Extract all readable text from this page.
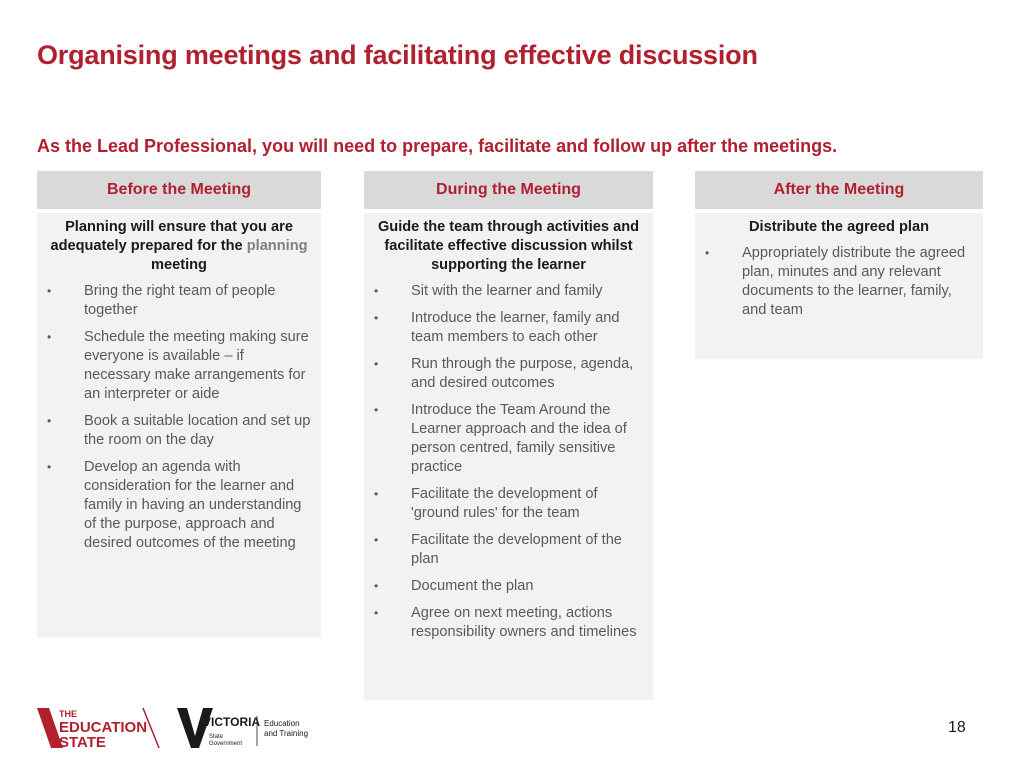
Organising meetings and facilitating effective discussion
As the Lead Professional, you will need to prepare, facilitate and follow up after the meetings.
Before the Meeting

Planning will ensure that you are adequately prepared for the planning meeting

•	Bring the right team of people together
•	Schedule the meeting making sure everyone is available – if necessary make arrangements for an interpreter or aide
•	Book a suitable location and set up the room on the day
•	Develop an agenda with consideration for the learner and family in having an understanding of the purpose, approach and desired outcomes of the meeting
During the Meeting

Guide the team through activities and facilitate effective discussion whilst supporting the learner

•	Sit with the learner and family
•	Introduce the learner, family and team members to each other
•	Run through the purpose, agenda, and desired outcomes
•	Introduce the Team Around the Learner approach and the idea of person centred, family sensitive practice
•	Facilitate the development of 'ground rules' for the team
•	Facilitate the development of the plan
•	Document the plan
•	Agree on next meeting, actions responsibility owners and timelines
After the Meeting

Distribute the agreed plan

•	Appropriately distribute the agreed plan, minutes and any relevant documents to the learner, family, and team
THE
EDUCATION
STATE
VICTORIA
State
Government
Education
and Training	18
